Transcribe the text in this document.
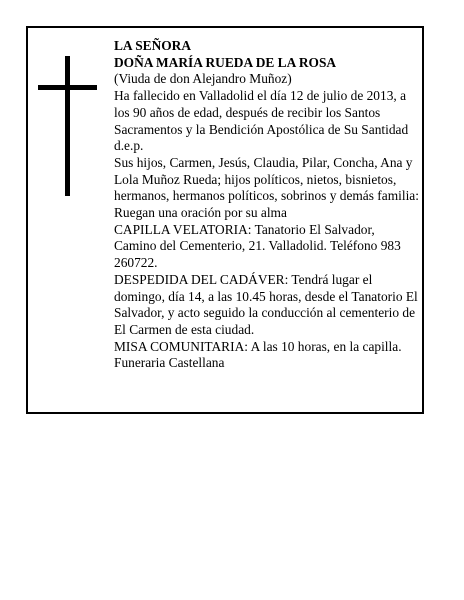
LA SEÑORA

DOÑA MARÍA RUEDA DE LA ROSA

(Viuda de don Alejandro Muñoz)

Ha fallecido en Valladolid el día 12 de julio de 2013, a los 90 años de edad, después de recibir los Santos Sacramentos y la Bendición Apostólica de Su Santidad

d.e.p.

Sus hijos, Carmen, Jesús, Claudia, Pilar, Concha, Ana y Lola Muñoz Rueda; hijos políticos, nietos, bisnietos, hermanos, hermanos políticos, sobrinos y demás familia:

Ruegan una oración por su alma

CAPILLA VELATORIA: Tanatorio El Salvador, Camino del Cementerio, 21. Valladolid. Teléfono 983 260722.

DESPEDIDA DEL CADÁVER: Tendrá lugar el domingo, día 14, a las 10.45 horas, desde el Tanatorio El Salvador, y acto seguido la conducción al cementerio de El Carmen de esta ciudad.

MISA COMUNITARIA: A las 10 horas, en la capilla.

Funeraria Castellana
